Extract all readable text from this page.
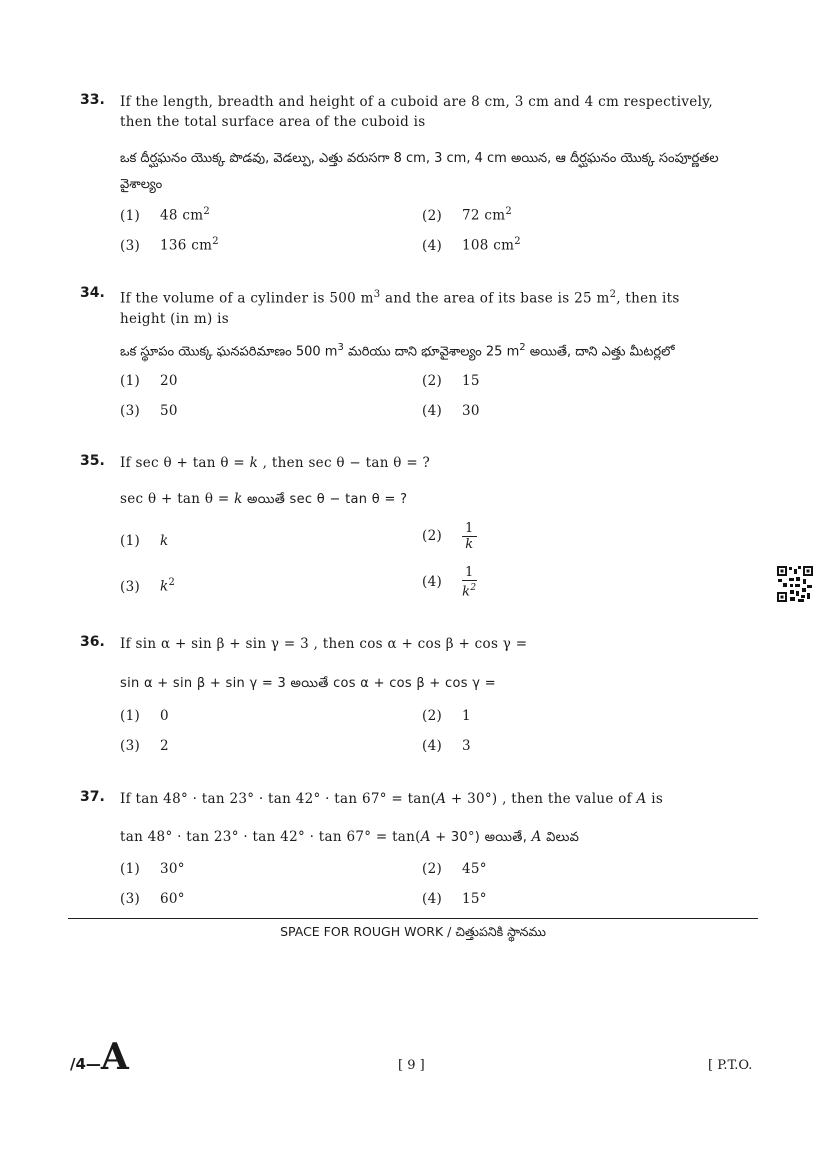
33. If the length, breadth and height of a cuboid are 8 cm, 3 cm and 4 cm respectively,
then the total surface area of the cuboid is
ఒక దీర్ఘఘనం యొక్క పొడవు, వెడల్పు, ఎత్తు వరుసగా 8 cm, 3 cm, 4 cm అయిన, ఆ దీర్ఘఘనం యొక్క సంపూర్ణతల
వైశాల్యం
(1) 48 $cm^2$	(2) 72 $cm^2$
(3) 136 $cm^2$	(4) 108 $cm^2$
34. If the volume of a cylinder is 500 $m^3$ and the area of its base is 25 $m^2$, then its
height (in m) is
ఒక స్థూపం యొక్క ఘనపరిమాణం 500 $m^3$ మరియు దాని భూవైశాల్యం 25 $m^2$ అయితే, దాని ఎత్తు మీటర్లలో
(1) 20	(2) 15
(3) 50	(4) 30
35. If sec θ + tan θ = k , then sec θ − tan θ = ?
sec θ + tan θ = k అయితే sec θ − tan θ = ?
(1) k	$(2) \frac{1}{k}$
(3) $k^2$	$(4) \frac{1}{k^2}$
36. If sin α + sin β + sin γ = 3 , then cos α + cos β + cos γ =
sin α + sin β + sin γ = 3 అయితే cos α + cos β + cos γ =
(1) 0	(2) 1
(3) 2	(4) 3
37. If tan 48° · tan 23° · tan 42° · tan 67° = tan(A + 30°) , then the value of A is
tan 48° · tan 23° · tan 42° · tan 67° = tan(A + 30°) అయితే, A విలువ
(1) 30°	(2) 45°
(3) 60°	(4) 15°
SPACE FOR ROUGH WORK / చిత్తుపనికి స్థానము
/4—A	[ 9 ]	[ P.T.O.
